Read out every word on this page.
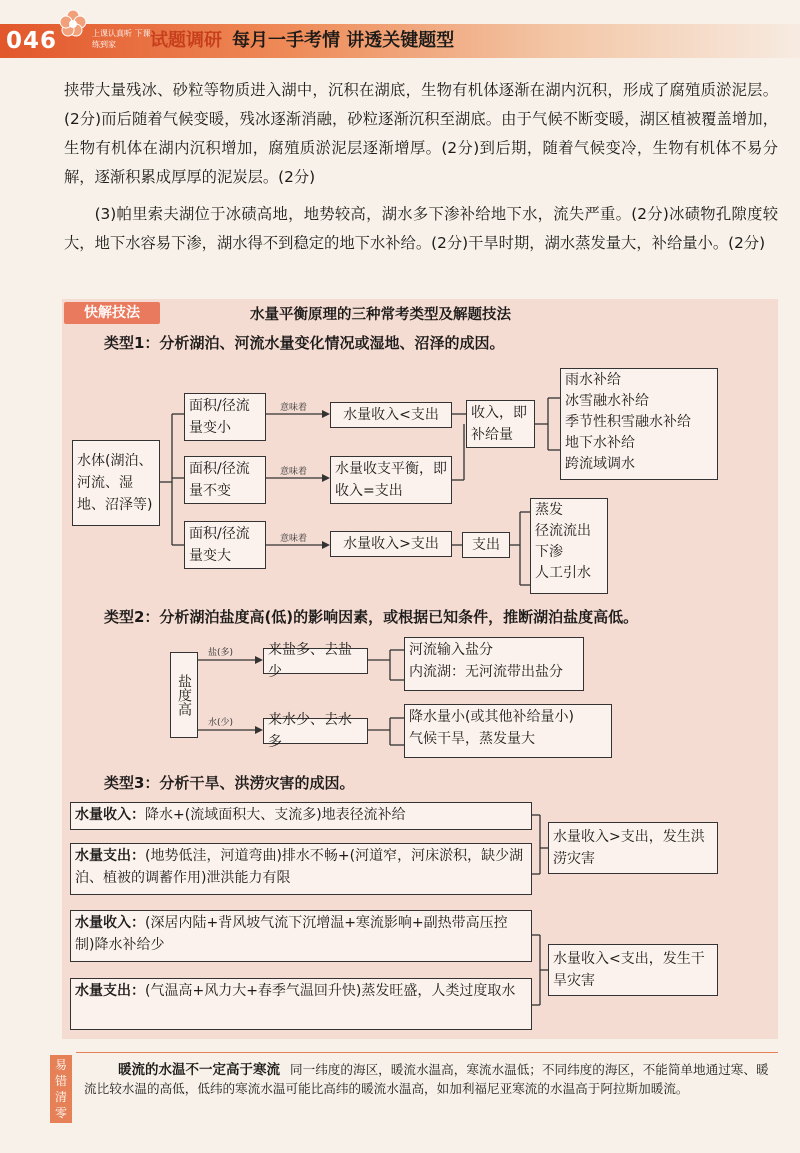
046	上课认真听 下课练到家	试题调研 每月一手考情 讲透关键题型

挟带大量残冰、砂粒等物质进入湖中，沉积在湖底，生物有机体逐渐在湖内沉积，形成了腐殖质淤泥层。(2分)而后随着气候变暖，残冰逐渐消融，砂粒逐渐沉积至湖底。由于气候不断变暖，湖区植被覆盖增加，生物有机体在湖内沉积增加，腐殖质淤泥层逐渐增厚。(2分)到后期，随着气候变冷，生物有机体不易分解，逐渐积累成厚厚的泥炭层。(2分)

(3)帕里索夫湖位于冰碛高地，地势较高，湖水多下渗补给地下水，流失严重。(2分)冰碛物孔隙度较大，地下水容易下渗，湖水得不到稳定的地下水补给。(2分)干旱时期，湖水蒸发量大，补给量小。(2分)

快解技法	水量平衡原理的三种常考类型及解题技法
类型1：分析湖泊、河流水量变化情况或湿地、沼泽的成因。
水体(湖泊、河流、湿地、沼泽等)
面积/径流量变小
面积/径流量不变
面积/径流量变大
意味着
意味着
意味着
水量收入<支出
水量收支平衡，即收入=支出
水量收入>支出
收入，即补给量
雨水补给
冰雪融水补给
季节性积雪融水补给
地下水补给
跨流域调水
支出
蒸发
径流流出
下渗
人工引水
类型2：分析湖泊盐度高(低)的影响因素，或根据已知条件，推断湖泊盐度高低。
盐度高
盐(多)
水(少)
来盐多、去盐少
来水少、去水多
河流输入盐分
内流湖：无河流带出盐分
降水量小(或其他补给量小)
气候干旱，蒸发量大
类型3：分析干旱、洪涝灾害的成因。
水量收入：降水+(流域面积大、支流多)地表径流补给
水量支出：(地势低洼，河道弯曲)排水不畅+(河道窄，河床淤积，缺少湖泊、植被的调蓄作用)泄洪能力有限
水量收入>支出，发生洪涝灾害
水量收入：(深居内陆+背风坡气流下沉增温+寒流影响+副热带高压控制)降水补给少
水量支出：(气温高+风力大+春季气温回升快)蒸发旺盛，人类过度取水
水量收入<支出，发生干旱灾害
易错清零
暖流的水温不一定高于寒流 同一纬度的海区，暖流水温高，寒流水温低；不同纬度的海区，不能简单地通过寒、暖流比较水温的高低，低纬的寒流水温可能比高纬的暖流水温高，如加利福尼亚寒流的水温高于阿拉斯加暖流。
